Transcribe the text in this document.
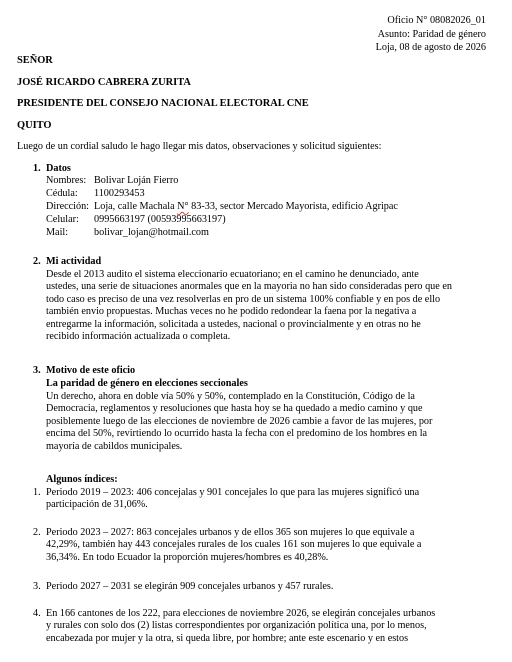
Oficio N° 08082026_01
Asunto: Paridad de género
Loja, 08 de agosto de 2026
SEÑOR
JOSÉ RICARDO CABRERA ZURITA
PRESIDENTE DEL CONSEJO NACIONAL ELECTORAL CNE
QUITO
Luego de un cordial saludo le hago llegar mis datos, observaciones y solicitud siguientes:
1. Datos
Nombres: Bolivar Loján Fierro
Cédula: 1100293453
Dirección: Loja, calle Machala N° 83-33, sector Mercado Mayorista, edificio Agripac
Celular: 0995663197 (00593995663197)
Mail:	bolivar_lojan@hotmail.com
2. Mi actividad
Desde el 2013 audito el sistema eleccionario ecuatoriano; en el camino he denunciado, ante
ustedes, una serie de situaciones anormales que en la mayoria no han sido consideradas pero que en
todo caso es preciso de una vez resolverlas en pro de un sistema 100% confiable y en pos de ello
también envio propuestas. Muchas veces no he podido redondear la faena por la negativa a
entregarme la información, solicitada a ustedes, nacional o provincialmente y en otras no he
recibido información actualizada o completa.
3. Motivo de este oficio
La paridad de género en elecciones seccionales
Un derecho, ahora en doble vía 50% y 50%, contemplado en la Constitución, Código de la
Democracia, reglamentos y resoluciones que hasta hoy se ha quedado a medio camino y que
posiblemente luego de las elecciones de noviembre de 2026 cambie a favor de las mujeres, por
encima del 50%, revirtiendo lo ocurrido hasta la fecha con el predomino de los hombres en la
mayoría de cabildos municipales.
Algunos índices:
1. Periodo 2019 – 2023: 406 concejalas y 901 concejales lo que para las mujeres significó una
participación de 31,06%.
2. Periodo 2023 – 2027: 863 concejales urbanos y de ellos 365 son mujeres lo que equivale a
42,29%, también hay 443 concejales rurales de los cuales 161 son mujeres lo que equivale a
36,34%. En todo Ecuador la proporción mujeres/hombres es 40,28%.
3. Periodo 2027 – 2031 se elegirán 909 concejales urbanos y 457 rurales.
4. En 166 cantones de los 222, para elecciones de noviembre 2026, se elegirán concejales urbanos
y rurales con solo dos (2) listas correspondientes por organización política una, por lo menos,
encabezada por mujer y la otra, si queda libre, por hombre; ante este escenario y en estos
